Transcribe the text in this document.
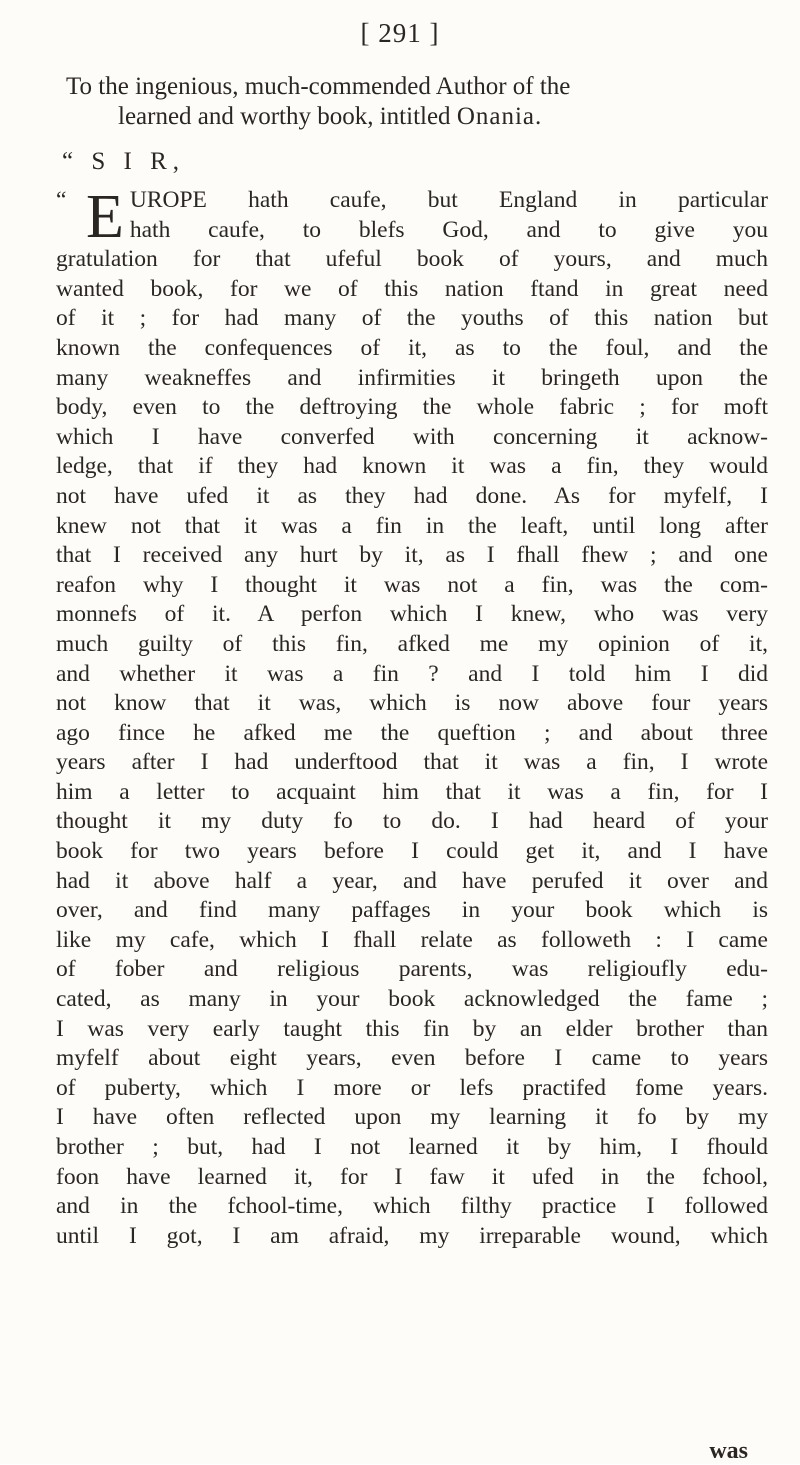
[ 291 ]
To the ingenious, much-commended Author of the
learned and worthy book, intitled Onania.
“ S I R,
E
“	UROPE hath caufe, but England in particular
hath caufe, to blefs God, and to give you
gratulation for that ufeful book of yours, and much
wanted book, for we of this nation ftand in great need
of it ; for had many of the youths of this nation but
known the confequences of it, as to the foul, and the
many weakneffes and infirmities it bringeth upon the
body, even to the deftroying the whole fabric ; for moft
which I have converfed with concerning it acknow-
ledge, that if they had known it was a fin, they would
not have ufed it as they had done. As for myfelf, I
knew not that it was a fin in the leaft, until long after
that I received any hurt by it, as I fhall fhew ; and one
reafon why I thought it was not a fin, was the com-
monnefs of it. A perfon which I knew, who was very
much guilty of this fin, afked me my opinion of it,
and whether it was a fin ? and I told him I did
not know that it was, which is now above four years
ago fince he afked me the queftion ; and about three
years after I had underftood that it was a fin, I wrote
him a letter to acquaint him that it was a fin, for I
thought it my duty fo to do. I had heard of your
book for two years before I could get it, and I have
had it above half a year, and have perufed it over and
over, and find many paffages in your book which is
like my cafe, which I fhall relate as followeth : I came
of fober and religious parents, was religioufly edu-
cated, as many in your book acknowledged the fame ;
I was very early taught this fin by an elder brother than
myfelf about eight years, even before I came to years
of puberty, which I more or lefs practifed fome years.
I have often reflected upon my learning it fo by my
brother ; but, had I not learned it by him, I fhould
foon have learned it, for I faw it ufed in the fchool,
and in the fchool-time, which filthy practice I followed
until I got, I am afraid, my irreparable wound, which
was
